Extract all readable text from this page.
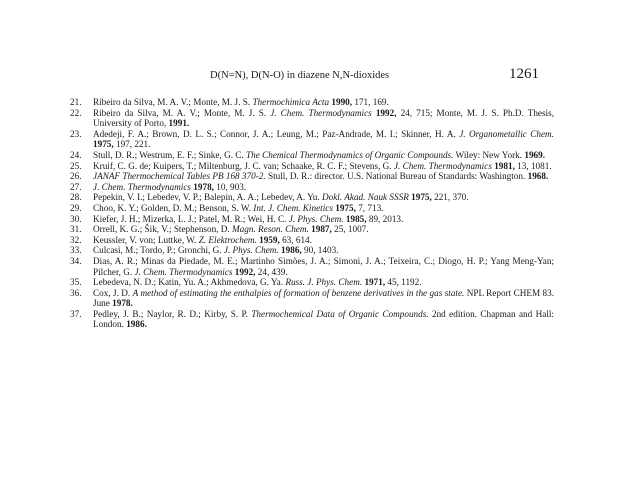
D(N=N), D(N-O) in diazene N,N-dioxides	1261
21.	Ribeiro da Silva, M. A. V.; Monte, M. J. S. Thermochimica Acta 1990, 171, 169.
22.	Ribeiro da Silva, M. A. V.; Monte, M. J. S. J. Chem. Thermodynamics 1992, 24, 715; Monte, M. J. S. Ph.D. Thesis, University of Porto, 1991.
23.	Adedeji, F. A.; Brown, D. L. S.; Connor, J. A.; Leung, M.; Paz-Andrade, M. I.; Skinner, H. A. J. Organometallic Chem. 1975, 197, 221.
24.	Stull, D. R.; Westrum, E. F.; Sinke, G. C. The Chemical Thermodynamics of Organic Compounds. Wiley: New York. 1969.
25.	Kruif, C. G. de; Kuipers, T.; Miltenburg, J. C. van; Schaake, R. C. F.; Stevens, G. J. Chem. Thermodynamics 1981, 13, 1081.
26.	JANAF Thermochemical Tables PB 168 370-2. Stull, D. R.: director. U.S. National Bureau of Standards: Washington. 1968.
27.	J. Chem. Thermodynamics 1978, 10, 903.
28.	Pepekin, V. I.; Lebedev, V. P.; Balepin, A. A.; Lebedev, A. Yu. Dokl. Akad. Nauk SSSR 1975, 221, 370.
29.	Choo, K. Y.; Golden, D. M.; Benson, S. W. Int. J. Chem. Kinetics 1975, 7, 713.
30.	Kiefer, J. H.; Mizerka, L. J.; Patel, M. R.; Wei, H. C. J. Phys. Chem. 1985, 89, 2013.
31.	Orrell, K. G.; Šik, V.; Stephenson, D. Magn. Reson. Chem. 1987, 25, 1007.
32.	Keussler, V. von; Luttke, W. Z. Elektrochem. 1959, 63, 614.
33.	Culcasi, M.; Tordo, P.; Gronchi, G. J. Phys. Chem. 1986, 90, 1403.
34.	Dias, A. R.; Minas da Piedade, M. E.; Martinho Simões, J. A.; Simoni, J. A.; Teixeira, C.; Diogo, H. P.; Yang Meng-Yan; Pilcher, G. J. Chem. Thermodynamics 1992, 24, 439.
35.	Lebedeva, N. D.; Katin, Yu. A.; Akhmedova, G. Ya. Russ. J. Phys. Chem. 1971, 45, 1192.
36.	Cox, J. D. A method of estimating the enthalpies of formation of benzene derivatives in the gas state. NPL Report CHEM 83. June 1978.
37.	Pedley, J. B.; Naylor, R. D.; Kirby, S. P. Thermochemical Data of Organic Compounds. 2nd edition. Chapman and Hall: London. 1986.
